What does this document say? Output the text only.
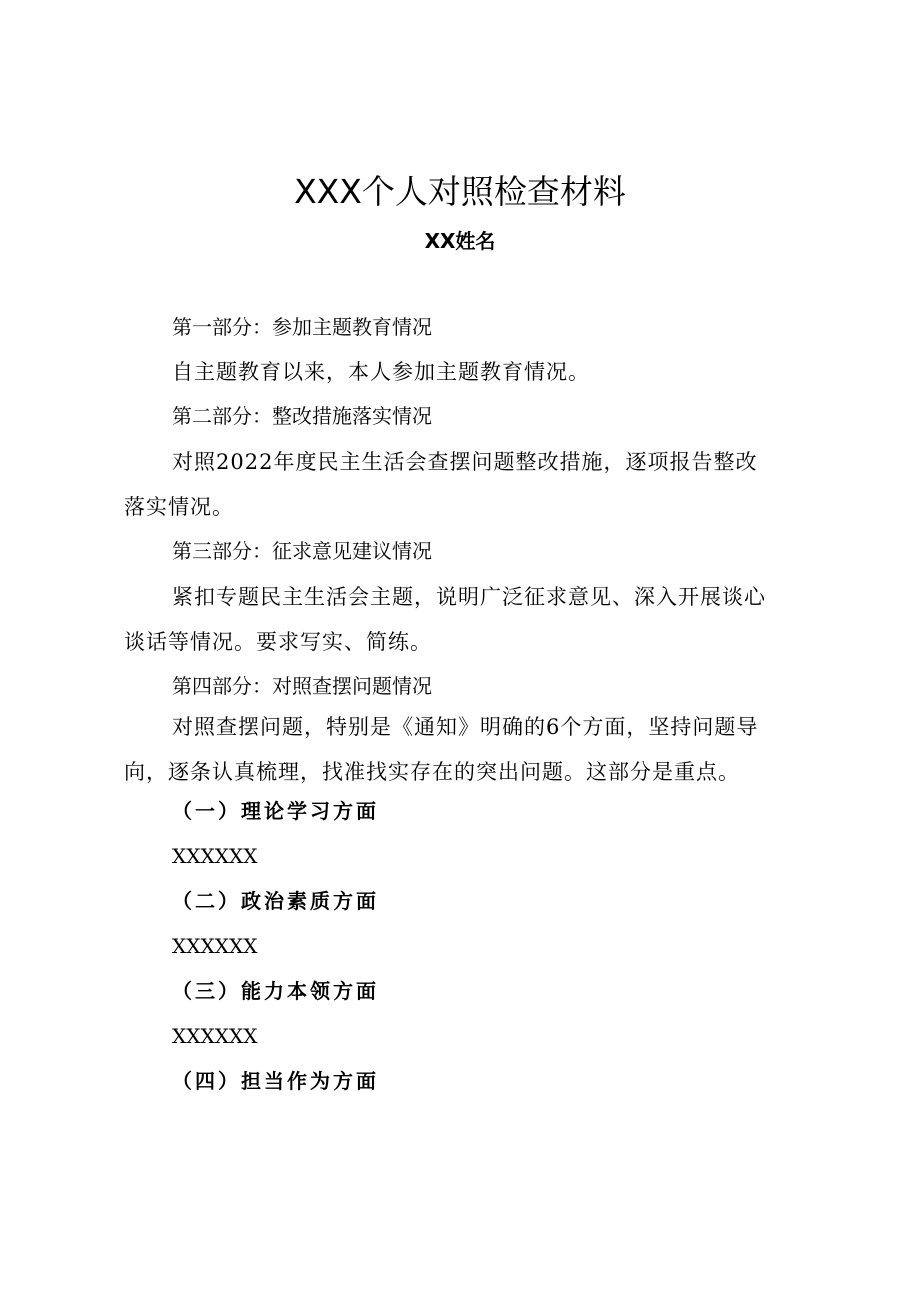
XXX个人对照检查材料
XX姓名
第一部分：参加主题教育情况
自主题教育以来，本人参加主题教育情况。
第二部分：整改措施落实情况
对照2022年度民主生活会查摆问题整改措施，逐项报告整改
落实情况。
第三部分：征求意见建议情况
紧扣专题民主生活会主题，说明广泛征求意见、深入开展谈心
谈话等情况。要求写实、简练。
第四部分：对照查摆问题情况
对照查摆问题，特别是《通知》明确的6个方面，坚持问题导
向，逐条认真梳理，找准找实存在的突出问题。这部分是重点。
（一）理论学习方面
XXXXXX
（二）政治素质方面
XXXXXX
（三）能力本领方面
XXXXXX
（四）担当作为方面
